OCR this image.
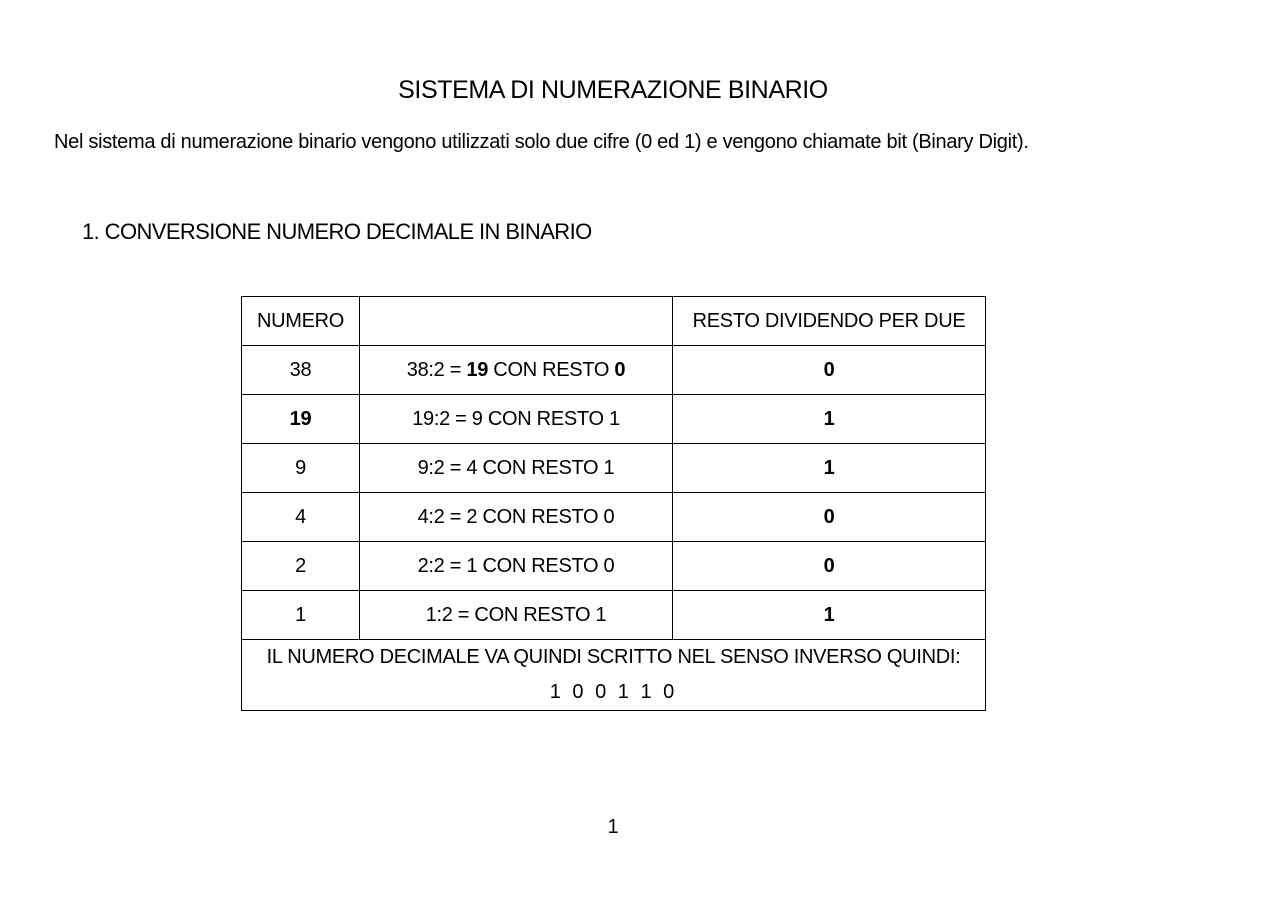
SISTEMA DI NUMERAZIONE BINARIO
Nel sistema di numerazione binario vengono utilizzati solo due cifre (0 ed 1) e vengono chiamate bit (Binary Digit).
1. CONVERSIONE NUMERO DECIMALE IN BINARIO
NUMERO		RESTO DIVIDENDO PER DUE
38	38:2 = 19 CON RESTO 0	0
19	19:2 = 9 CON RESTO 1	1
9	9:2 = 4 CON RESTO 1	1
4	4:2 = 2 CON RESTO 0	0
2	2:2 = 1 CON RESTO 0	0
1	1:2 = CON RESTO 1	1

IL NUMERO DECIMALE VA QUINDI SCRITTO NEL SENSO INVERSO QUINDI:
1 0 0 1 1 0		
1
